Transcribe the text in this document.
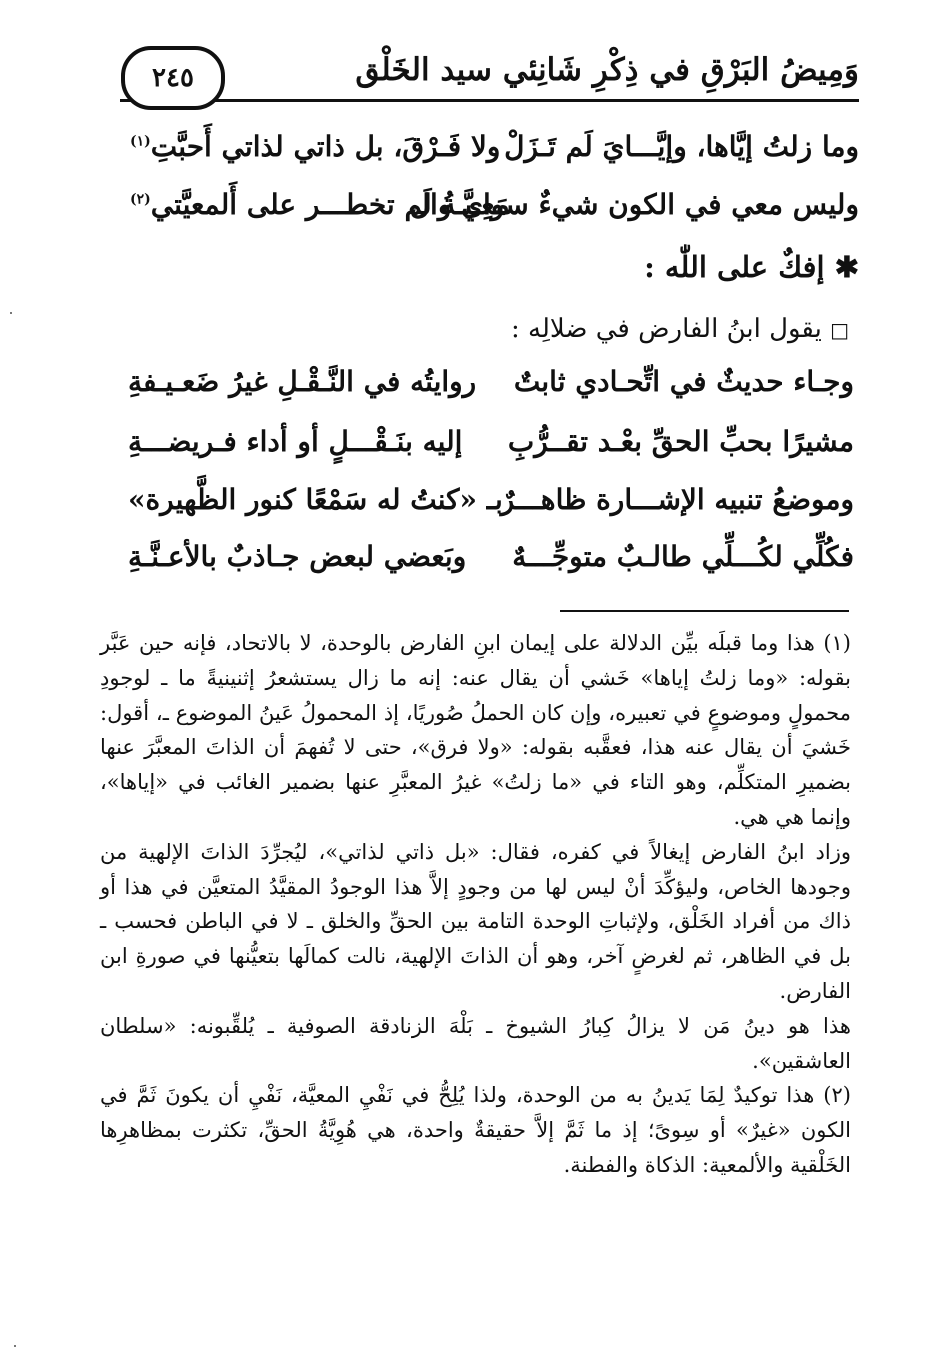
٢٤٥	وَمِيضُ البَرْقِ في ذِكْرِ شَانِئي سيد الخَلْق
وما زلتُ إيَّاها، وإيَّـــايَ لَم تَـزَلْ
ولا فَـرْقَ، بل ذاتي لذاتي أَحبَّتِ$^{(١)}$
وليس معي في الكون شيءٌ سواي وال
مَعِـيَّـةُ لَم تخطـــر على أَلمعيَّتي$^{(٢)}$
✱ إفكٌ على اللّٰه :
□ يقول ابنُ الفارض في ضلالِه :
وجـاء حديثٌ في اتِّحـادي ثابتٌ
روايتُه في النَّـقْـلِ غيرُ ضَعـيـفةِ
مشيرًا بحبِّ الحقِّ بعْـد تقــرُّبِ
إليه بنَـقْـــلٍ أو أداء فـريضـــةِ
وموضعُ تنبيه الإشـــارة ظاهـــرٌ
بـ «كنتُ له سَمْعًا كنور الظَّهيرة»
فكُلِّي لكُـــلِّي طالـبٌ متوجِّـــهٌ
وبَعضي لبعض جـاذبٌ بالأعـنَّـةِ

(١) هذا وما قبلَه بيِّن الدلالة على إيمان ابنِ الفارض بالوحدة، لا بالاتحاد، فإنه حين عَبَّر بقوله: «وما زلتُ إياها» خَشي أن يقال عنه: إنه ما زال يستشعرُ إثنينيةً ما ـ لوجودِ محمولٍ وموضوعٍ في تعبيره، وإن كان الحملُ صُوريًا، إذ المحمولُ عَينُ الموضوع ـ، أقول: خَشيَ أن يقال عنه هذا، فعقَّبه بقوله: «ولا فرق»، حتى لا تُفهمَ أن الذاتَ المعبَّرَ عنها بضميرِ المتكلِّم، وهو التاء في «ما زلتُ» غيرُ المعبَّرِ عنها بضمير الغائب في «إياها»، وإنما هي هي.

وزاد ابنُ الفارض إيغالاً في كفره، فقال: «بل ذاتي لذاتي»، ليُجرِّدَ الذاتَ الإلهية من وجودها الخاص، وليؤكِّدَ أنْ ليس لها من وجودٍ إلاَّ هذا الوجودُ المقيَّدُ المتعيَّن في هذا أو ذاك من أفراد الخَلْق، ولإثباتِ الوحدة التامة بين الحقِّ والخلق ـ لا في الباطن فحسب ـ بل في الظاهر، ثم لغرضٍ آخر، وهو أن الذاتَ الإلهية، نالت كمالَها بتعيُّنها في صورةِ ابن الفارض.

هذا هو دينُ مَن لا يزالُ كِبارُ الشيوخ ـ بَلْهَ الزنادقة الصوفية ـ يُلقِّبونه: «سلطان العاشقين».

(٢) هذا توكيدٌ لِمَا يَدينُ به من الوحدة، ولذا يُلِحُّ في نَفْيِ المعيَّة، نَفْيِ أن يكونَ ثَمَّ في الكون «غيرٌ» أو سِوىً؛ إذ ما ثَمَّ إلاَّ حقيقةٌ واحدة، هي هُوِيَّةُ الحقِّ، تكثرت بمظاهرِها الخَلْقية والألمعية: الذكاة والفطنة.
